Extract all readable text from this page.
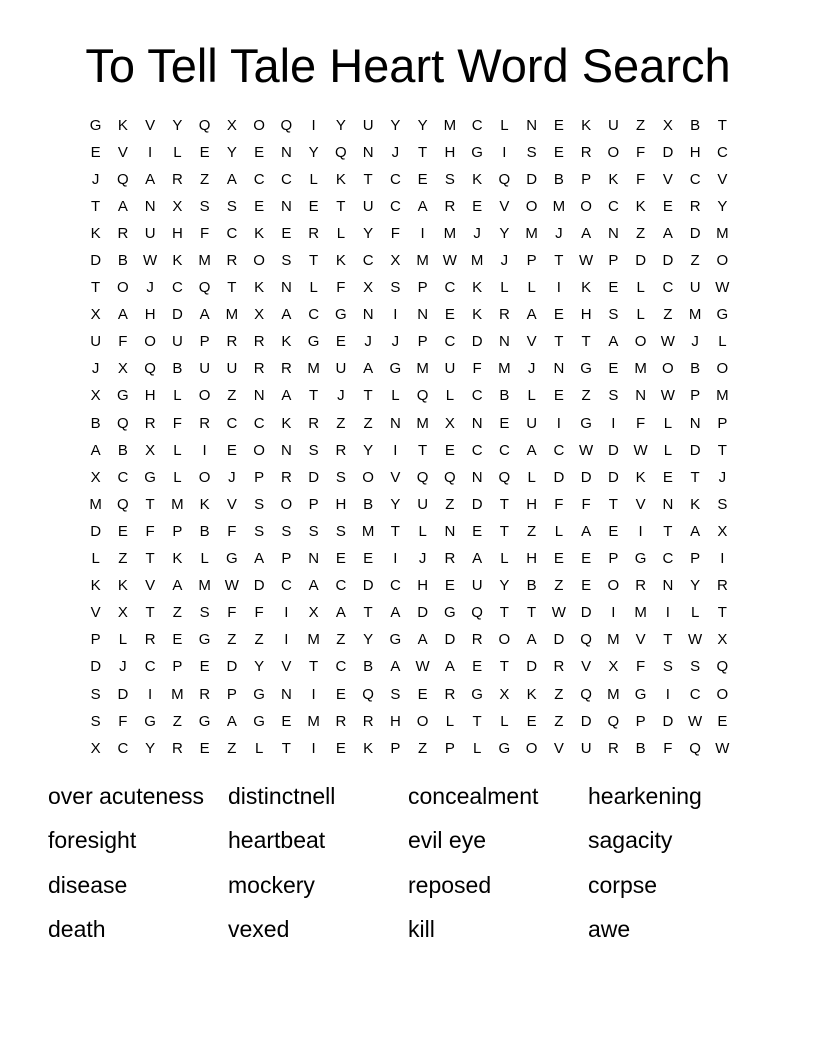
To Tell Tale Heart Word Search
G	K	V	Y	Q	X	O	Q	I	Y	U	Y	Y	M	C	L	N	E	K	U	Z	X	B	T
E	V	I	L	E	Y	E	N	Y	Q	N	J	T	H	G	I	S	E	R	O	F	D	H	C
J	Q	A	R	Z	A	C	C	L	K	T	C	E	S	K	Q	D	B	P	K	F	V	C	V
T	A	N	X	S	S	E	N	E	T	U	C	A	R	E	V	O	M	O	C	K	E	R	Y
K	R	U	H	F	C	K	E	R	L	Y	F	I	M	J	Y	M	J	A	N	Z	A	D	M
D	B	W	K	M	R	O	S	T	K	C	X	M W M	J	P	T	W	P	D	D	Z	O
T	O	J	C	Q	T	K	N	L	F	X	S	P	C	K	L	L	I	K	E	L	C	U W
X	A	H	D	A	M	X	A	C	G	N	I	N	E	K	R	A	E	H	S	L	Z	M	G
U	F	O	U	P	R	R	K	G	E	J	J	P	C	D	N	V	T	T	A	O W	J	L
J	X	Q	B	U	U	R	R	M	U	A	G	M	U	F	M	J	N	G	E	M	O	B	O
X	G	H	L	O	Z	N	A	T	J	T	L	Q	L	C	B	L	E	Z	S	N W	P	M
B	Q	R	F	R	C	C	K	R	Z	Z	N	M	X	N	E	U	I	G	I	F	L	N	P
A	B	X	L	I	E	O	N	S	R	Y	I	T	E	C	C	A	C W D W	L	D	T
X	C	G	L	O	J	P	R	D	S	O	V	Q	Q	N	Q	L	D	D	D	K	E	T	J
M	Q	T	M	K	V	S	O	P	H	B	Y	U	Z	D	T	H	F	F	T	V	N	K	S
D	E	F	P	B	F	S	S	S	S	M	T	L	N	E	T	Z	L	A	E	I	T	A	X
L	Z	T	K	L	G	A	P	N	E	E	I	J	R	A	L	H	E	E	P	G	C	P	I
K	K	V	A	M W D	C	A	C	D	C	H	E	U	Y	B	Z	E	O	R	N	Y	R
V	X	T	Z	S	F	F	I	X	A	T	A	D	G	Q	T	T	W D	I	M	I	L	T
P	L	R	E	G	Z	Z	I	M	Z	Y	G	A	D	R	O	A	D	Q	M	V	T	W	X
D	J	C	P	E	D	Y	V	T	C	B	A	W	A	E	T	D	R	V	X	F	S	S	Q
S	D	I	M	R	P	G	N	I	E	Q	S	E	R	G	X	K	Z	Q	M	G	I	C	O
S	F	G	Z	G	A	G	E	M	R	R	H	O	L	T	L	E	Z	D	Q	P	D W	E
X	C	Y	R	E	Z	L	T	I	E	K	P	Z	P	L	G	O	V	U	R	B	F	Q W
over acuteness	distinctnell	concealment	hearkening
foresight	heartbeat	evil eye	sagacity
disease	mockery	reposed	corpse
death	vexed	kill	awe
